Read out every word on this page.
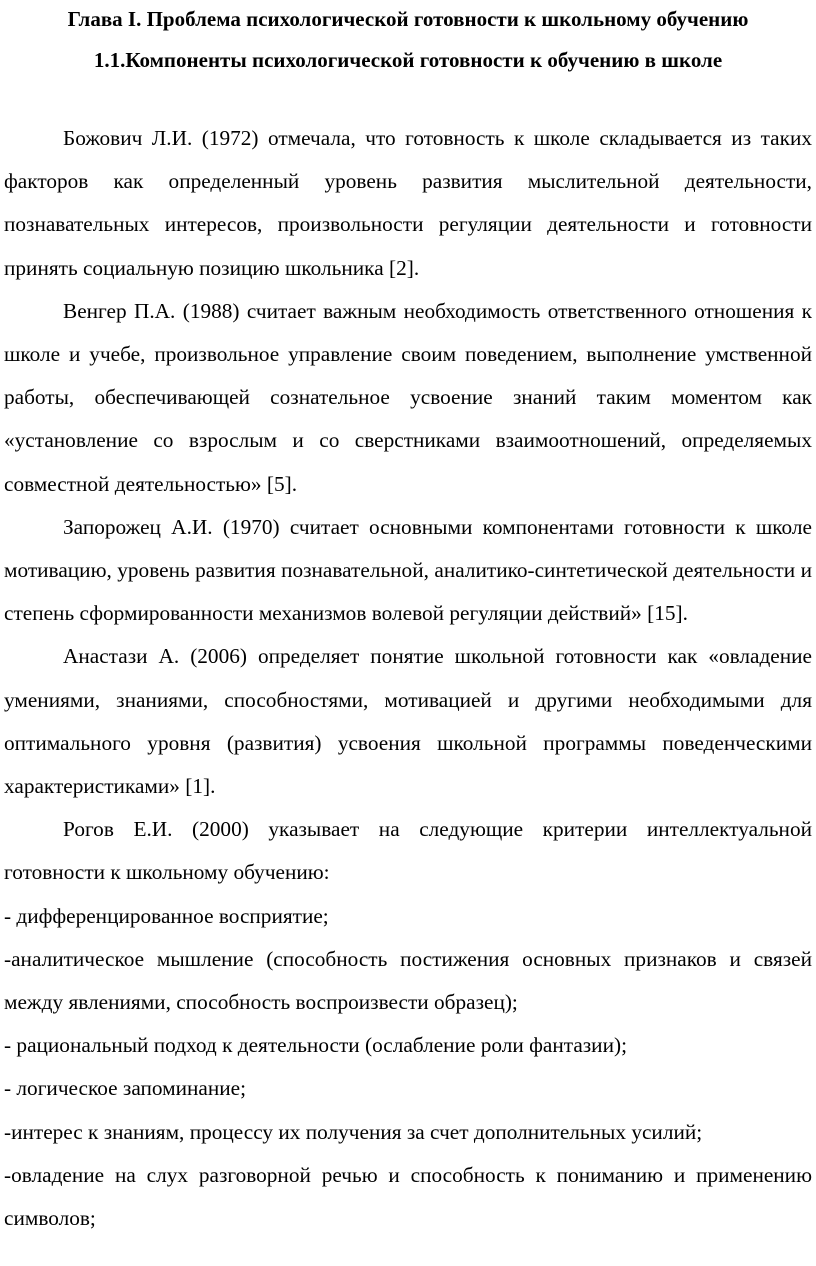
Глава I. Проблема психологической готовности к школьному обучению
1.1.Компоненты психологической готовности к обучению в школе

Божович Л.И. (1972) отмечала, что готовность к школе складывается из таких факторов как определенный уровень развития мыслительной деятельности, познавательных интересов, произвольности регуляции деятельности и готовности принять социальную позицию школьника [2].

Венгер П.А. (1988) считает важным необходимость ответственного отношения к школе и учебе, произвольное управление своим поведением, выполнение умственной работы, обеспечивающей сознательное усвоение знаний таким моментом как «установление со взрослым и со сверстниками взаимоотношений, определяемых совместной деятельностью» [5].

Запорожец А.И. (1970) считает основными компонентами готовности к школе мотивацию, уровень развития познавательной, аналитико-синтетической деятельности и степень сформированности механизмов волевой регуляции действий» [15].

Анастази А. (2006) определяет понятие школьной готовности как «овладение умениями, знаниями, способностями, мотивацией и другими необходимыми для оптимального уровня (развития) усвоения школьной программы поведенческими характеристиками» [1].

Рогов Е.И. (2000) указывает на следующие критерии интеллектуальной готовности к школьному обучению:

- дифференцированное восприятие;

-аналитическое мышление (способность постижения основных признаков и связей между явлениями, способность воспроизвести образец);

- рациональный подход к деятельности (ослабление роли фантазии);

- логическое запоминание;

-интерес к знаниям, процессу их получения за счет дополнительных усилий;

-овладение на слух разговорной речью и способность к пониманию и применению символов;
